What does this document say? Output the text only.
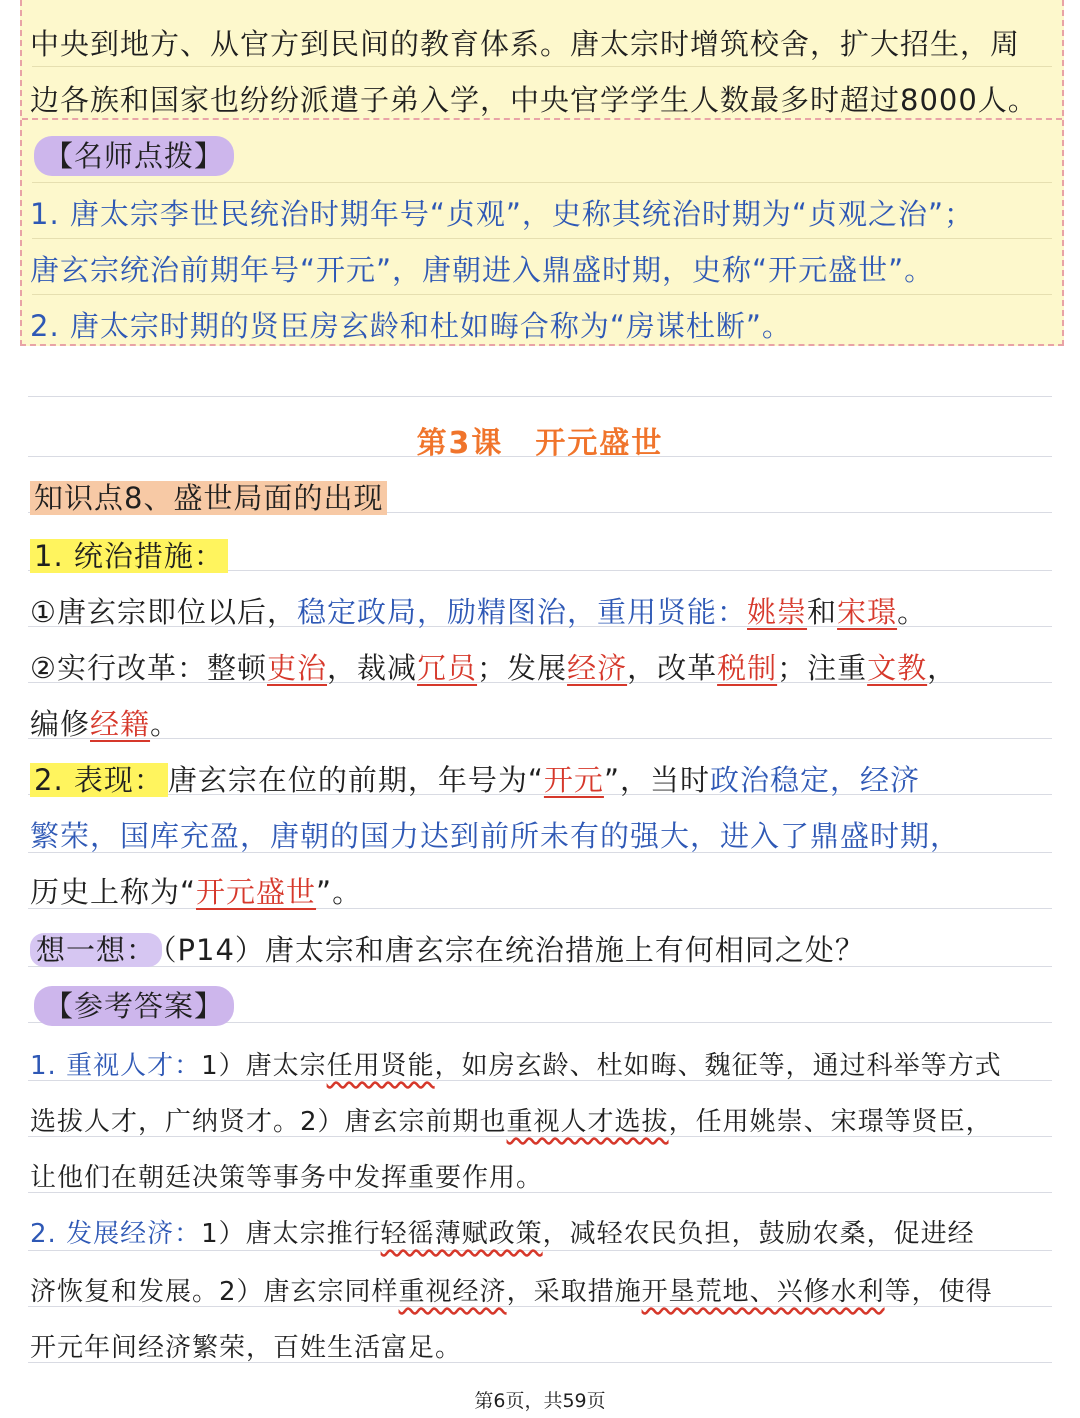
中央到地方、从官方到民间的教育体系。唐太宗时增筑校舍，扩大招生，周
边各族和国家也纷纷派遣子弟入学，中央官学学生人数最多时超过8000人。
【名师点拨】
1. 唐太宗李世民统治时期年号“贞观”，史称其统治时期为“贞观之治”；
唐玄宗统治前期年号“开元”，唐朝进入鼎盛时期，史称“开元盛世”。
2. 唐太宗时期的贤臣房玄龄和杜如晦合称为“房谋杜断”。
第3课　开元盛世
知识点8、盛世局面的出现
1. 统治措施：
①唐玄宗即位以后，稳定政局，励精图治，重用贤能：姚崇和宋璟。
②实行改革：整顿吏治，裁减冗员；发展经济，改革税制；注重文教，
编修经籍。
2. 表现： 唐玄宗在位的前期，年号为“开元”，当时政治稳定，经济
繁荣，国库充盈，唐朝的国力达到前所未有的强大，进入了鼎盛时期，
历史上称为“开元盛世”。
想一想： （P14）唐太宗和唐玄宗在统治措施上有何相同之处？
【参考答案】
1. 重视人才：1）唐太宗任用贤能，如房玄龄、杜如晦、魏征等，通过科举等方式
选拔人才，广纳贤才。2）唐玄宗前期也重视人才选拔，任用姚崇、宋璟等贤臣，
让他们在朝廷决策等事务中发挥重要作用。
2. 发展经济：1）唐太宗推行轻徭薄赋政策，减轻农民负担，鼓励农桑，促进经
济恢复和发展。2）唐玄宗同样重视经济，采取措施开垦荒地、兴修水利等，使得
开元年间经济繁荣，百姓生活富足。
第6页，共59页
